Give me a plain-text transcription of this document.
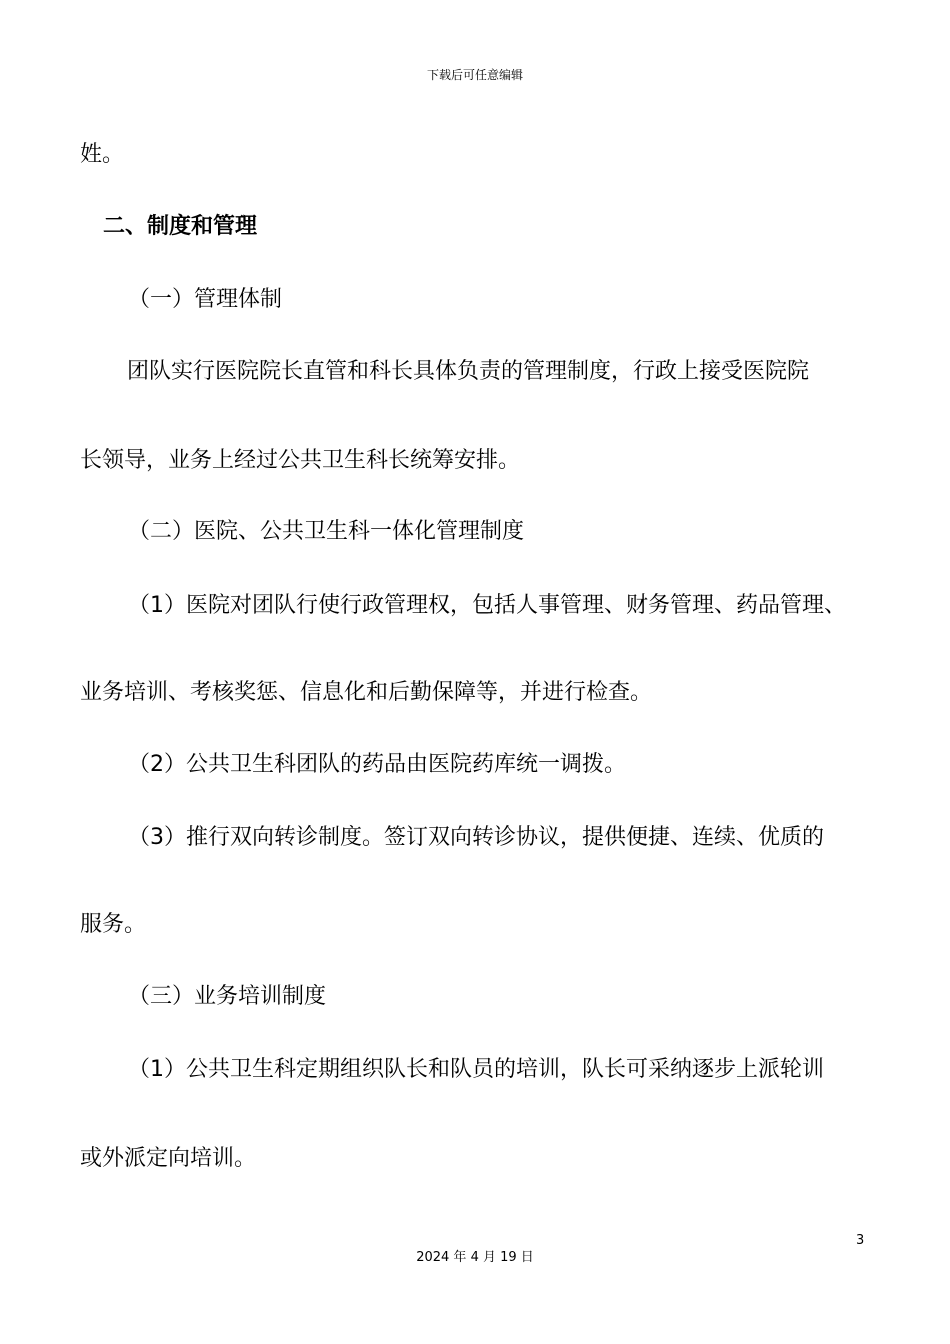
下载后可任意编辑
姓。
二、制度和管理
（一）管理体制
团队实行医院院长直管和科长具体负责的管理制度，行政上接受医院院
长领导，业务上经过公共卫生科长统筹安排。
（二）医院、公共卫生科一体化管理制度
（1）医院对团队行使行政管理权，包括人事管理、财务管理、药品管理、
业务培训、考核奖惩、信息化和后勤保障等，并进行检查。
（2）公共卫生科团队的药品由医院药库统一调拨。
（3）推行双向转诊制度。签订双向转诊协议，提供便捷、连续、优质的
服务。
（三）业务培训制度
（1）公共卫生科定期组织队长和队员的培训，队长可采纳逐步上派轮训
或外派定向培训。
3
2024 年 4 月 19 日
